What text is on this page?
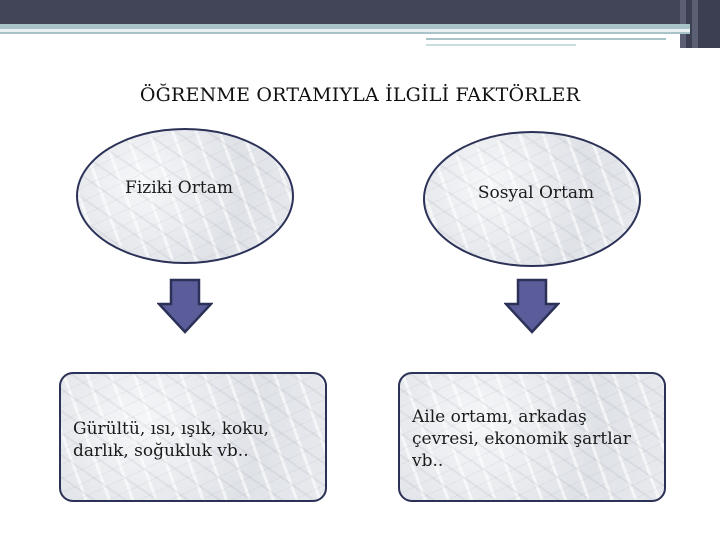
ÖĞRENME ORTAMIYLA İLGİLİ FAKTÖRLER
Fiziki Ortam	Sosyal Ortam
Gürültü, ısı, ışık, koku, darlık, soğukluk vb..
Aile ortamı, arkadaş çevresi, ekonomik şartlar vb..
